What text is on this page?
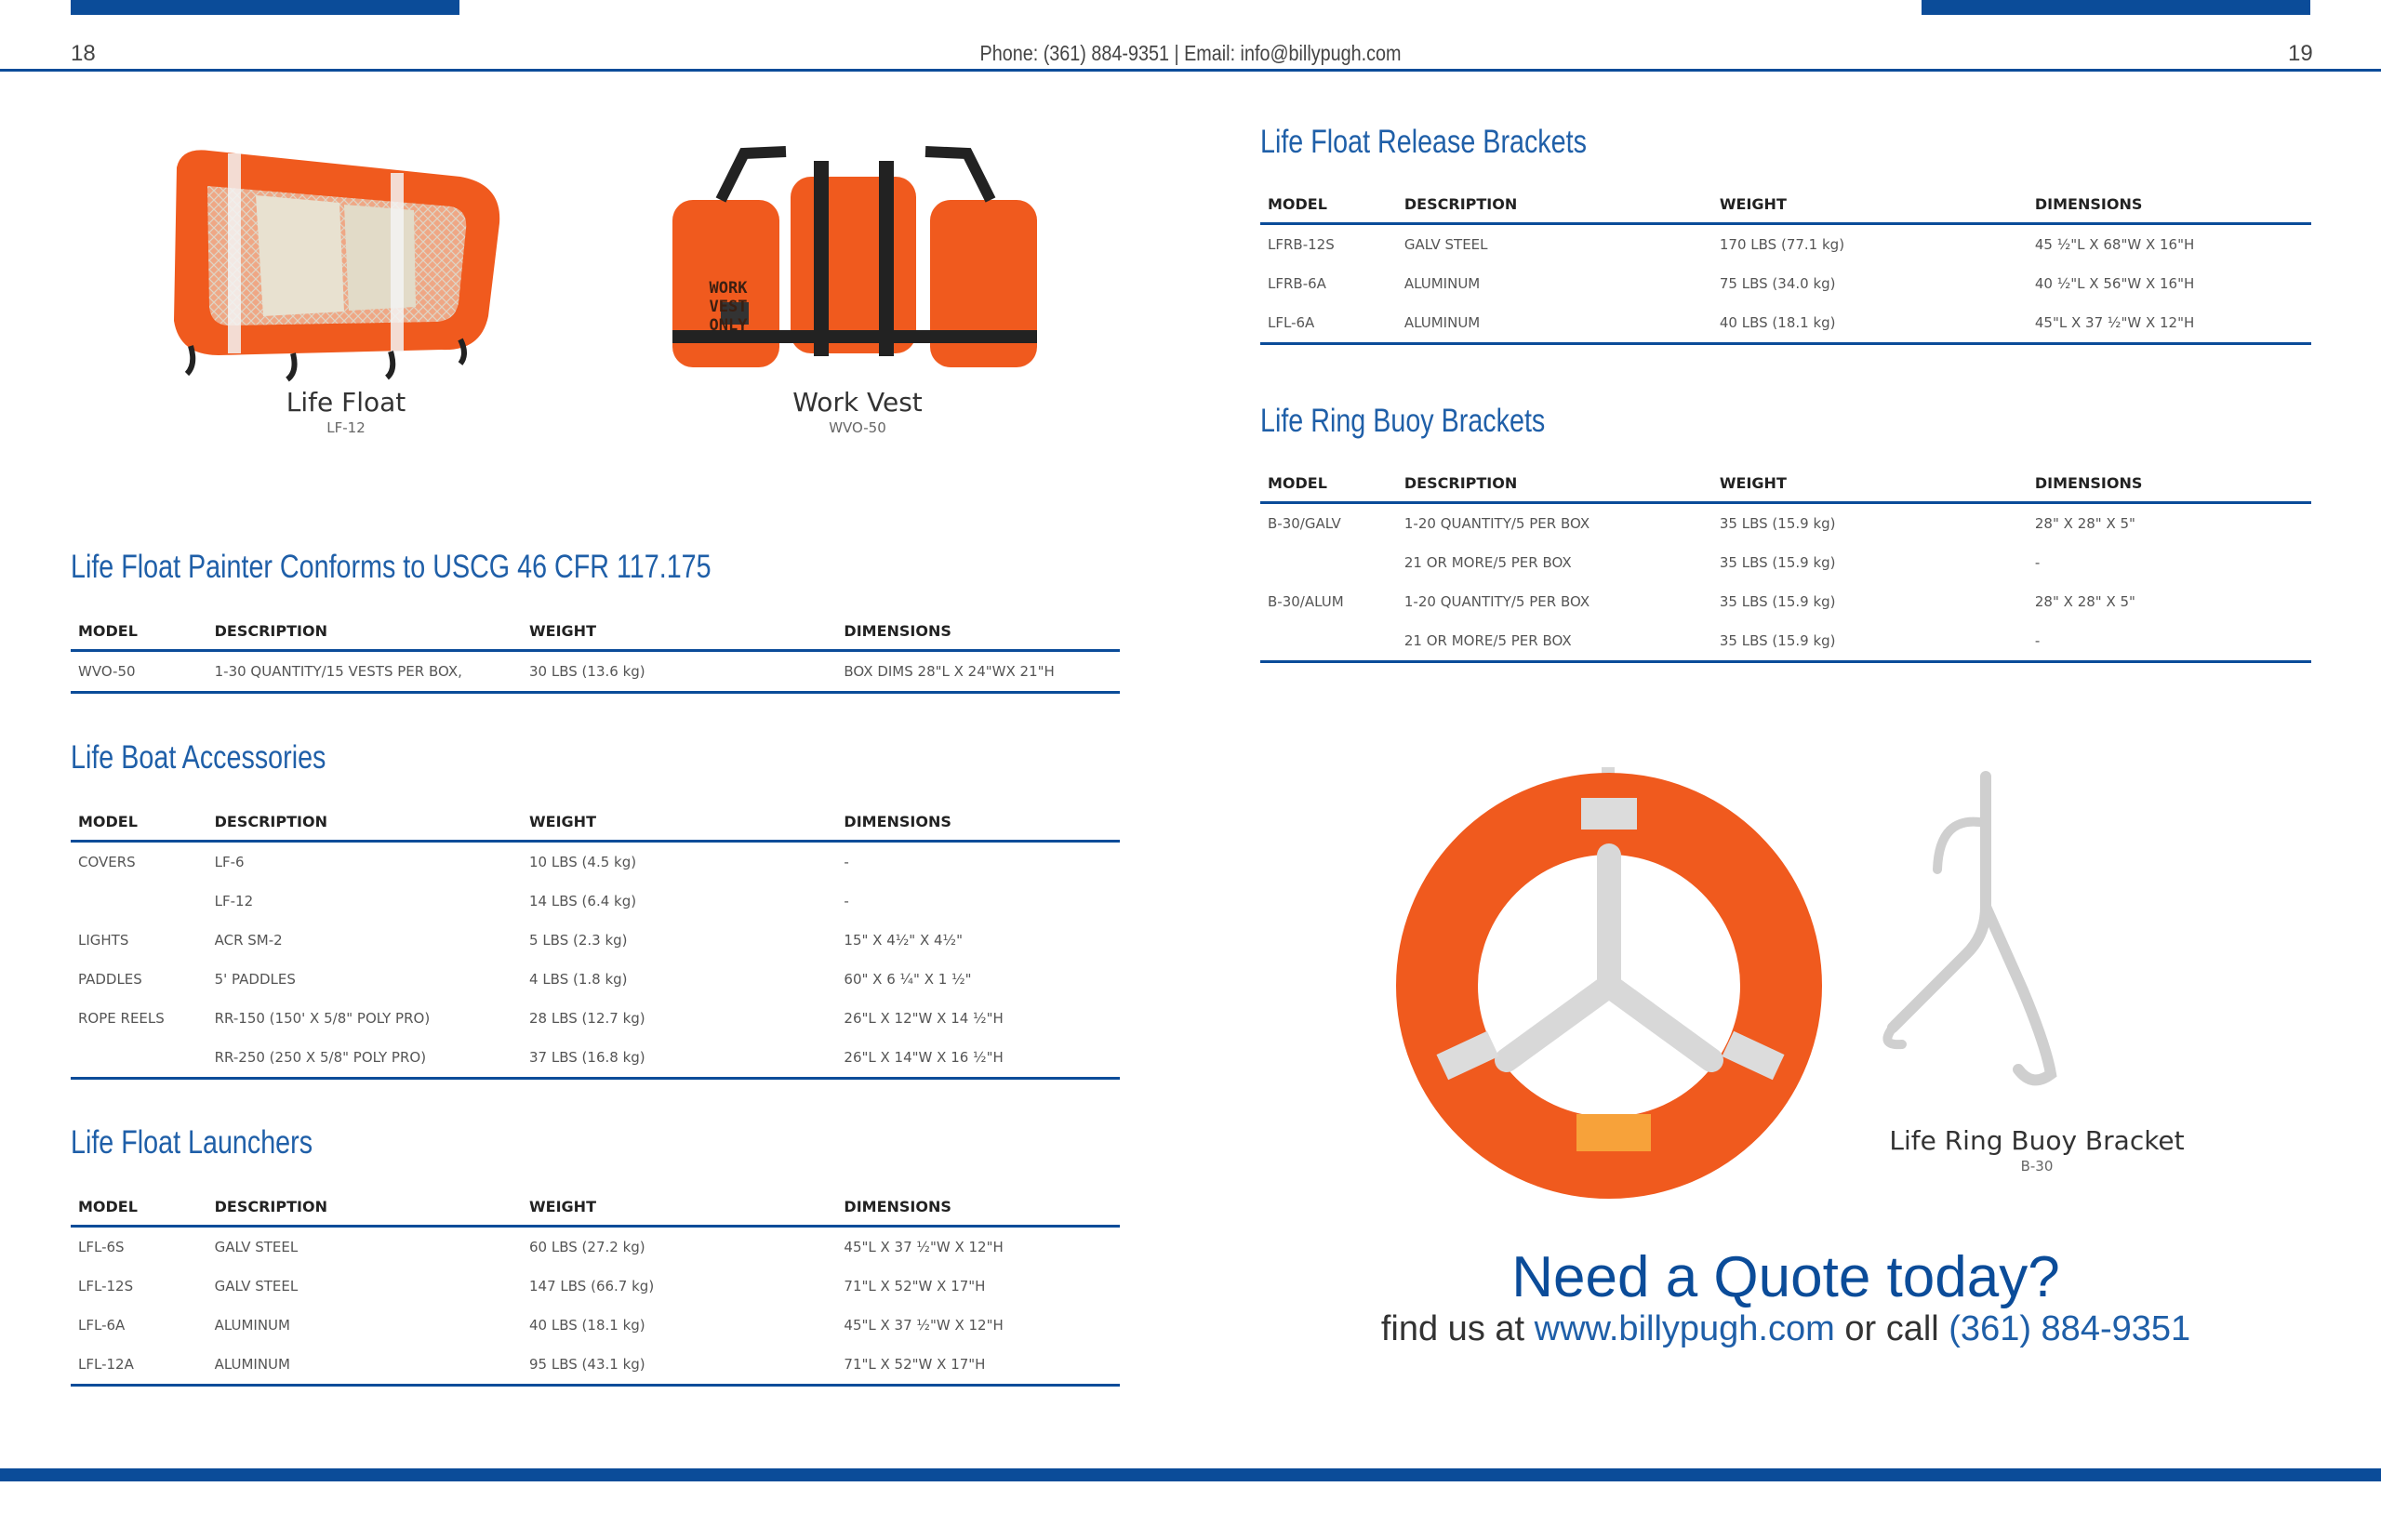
18	19
Phone: (361) 884-9351 | Email: info@billypugh.com
Life Float
LF-12
WORK
VEST
ONLY
Work Vest
WVO-50
Life Float Painter Conforms to USCG 46 CFR 117.175
MODEL	DESCRIPTION	WEIGHT	DIMENSIONS
WVO-50	1-30 QUANTITY/15 VESTS PER BOX,	30 LBS (13.6 kg)	BOX DIMS 28"L X 24"WX 21"H
Life Boat Accessories
MODEL	DESCRIPTION	WEIGHT	DIMENSIONS
COVERS	LF-6	10 LBS (4.5 kg)	-
	LF-12	14 LBS (6.4 kg)	-
LIGHTS	ACR SM-2	5 LBS (2.3 kg)	15" X 4½" X 4½"
PADDLES	5' PADDLES	4 LBS (1.8 kg)	60" X 6 ¼" X 1 ½"
ROPE REELS	RR-150 (150' X 5/8" POLY PRO)	28 LBS (12.7 kg)	26"L X 12"W X 14 ½"H
	RR-250 (250 X 5/8" POLY PRO)	37 LBS (16.8 kg)	26"L X 14"W X 16 ½"H
Life Float Launchers
MODEL	DESCRIPTION	WEIGHT	DIMENSIONS
LFL-6S	GALV STEEL	60 LBS (27.2 kg)	45"L X 37 ½"W X 12"H
LFL-12S	GALV STEEL	147 LBS (66.7 kg)	71"L X 52"W X 17"H
LFL-6A	ALUMINUM	40 LBS (18.1 kg)	45"L X 37 ½"W X 12"H
LFL-12A	ALUMINUM	95 LBS (43.1 kg)	71"L X 52"W X 17"H
Life Float Release Brackets
MODEL	DESCRIPTION	WEIGHT	DIMENSIONS
LFRB-12S	GALV STEEL	170 LBS (77.1 kg)	45 ½"L X 68"W X 16"H
LFRB-6A	ALUMINUM	75 LBS (34.0 kg)	40 ½"L X 56"W X 16"H
LFL-6A	ALUMINUM	40 LBS (18.1 kg)	45"L X 37 ½"W X 12"H
Life Ring Buoy Brackets
MODEL	DESCRIPTION	WEIGHT	DIMENSIONS
B-30/GALV	1-20 QUANTITY/5 PER BOX	35 LBS (15.9 kg)	28" X 28" X 5"
	21 OR MORE/5 PER BOX	35 LBS (15.9 kg)	-
B-30/ALUM	1-20 QUANTITY/5 PER BOX	35 LBS (15.9 kg)	28" X 28" X 5"
	21 OR MORE/5 PER BOX	35 LBS (15.9 kg)	-
Life Ring Buoy Bracket
B-30
Need a Quote today?
find us at www.billypugh.com or call (361) 884-9351
